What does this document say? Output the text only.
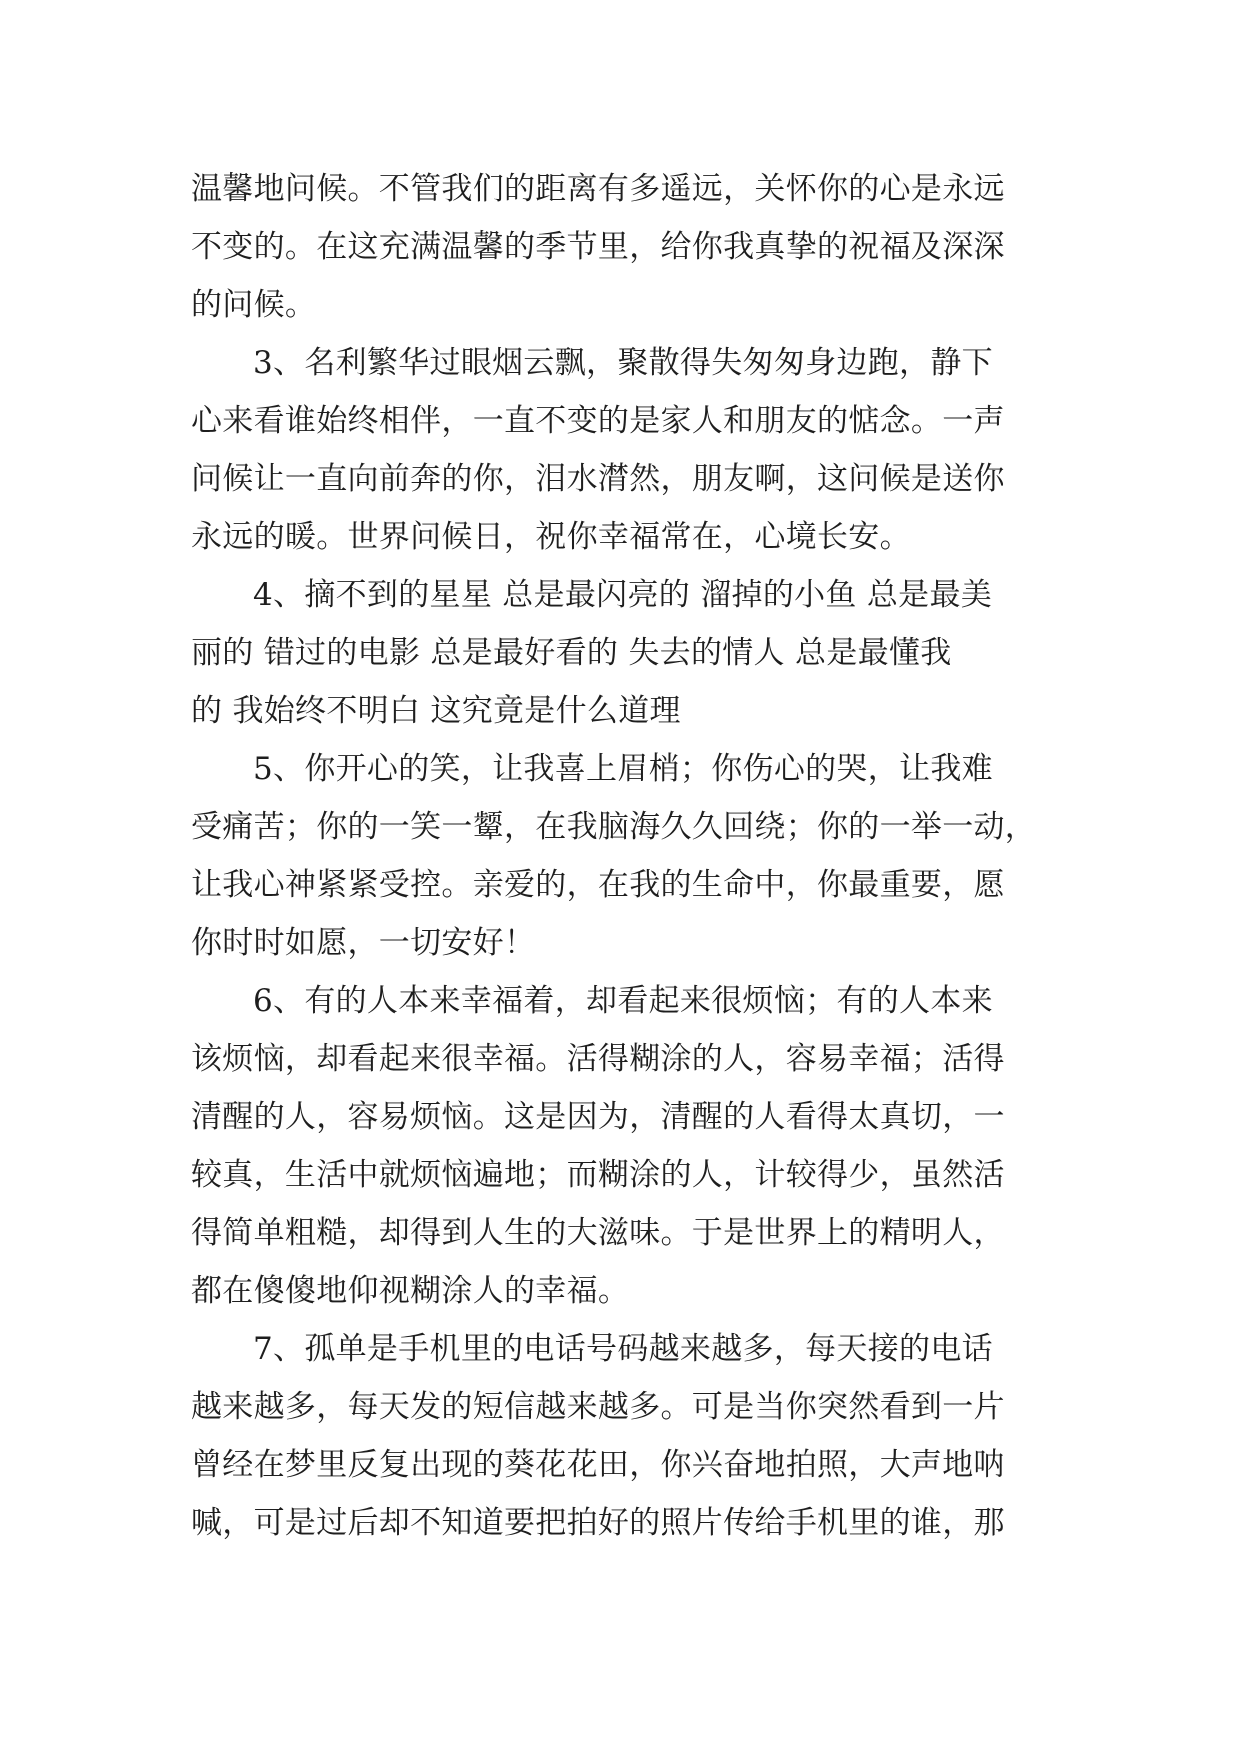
温馨地问候。不管我们的距离有多遥远，关怀你的心是永远
不变的。在这充满温馨的季节里，给你我真挚的祝福及深深
的问候。
3、名利繁华过眼烟云飘，聚散得失匆匆身边跑，静下
心来看谁始终相伴，一直不变的是家人和朋友的惦念。一声
问候让一直向前奔的你，泪水潸然，朋友啊，这问候是送你
永远的暖。世界问候日，祝你幸福常在，心境长安。
4、摘不到的星星 总是最闪亮的 溜掉的小鱼 总是最美
丽的 错过的电影 总是最好看的 失去的情人 总是最懂我
的 我始终不明白 这究竟是什么道理
5、你开心的笑，让我喜上眉梢；你伤心的哭，让我难
受痛苦；你的一笑一颦，在我脑海久久回绕；你的一举一动，
让我心神紧紧受控。亲爱的，在我的生命中，你最重要，愿
你时时如愿，一切安好！
6、有的人本来幸福着，却看起来很烦恼；有的人本来
该烦恼，却看起来很幸福。活得糊涂的人，容易幸福；活得
清醒的人，容易烦恼。这是因为，清醒的人看得太真切，一
较真，生活中就烦恼遍地；而糊涂的人，计较得少，虽然活
得简单粗糙，却得到人生的大滋味。于是世界上的精明人，
都在傻傻地仰视糊涂人的幸福。
7、孤单是手机里的电话号码越来越多，每天接的电话
越来越多，每天发的短信越来越多。可是当你突然看到一片
曾经在梦里反复出现的葵花花田，你兴奋地拍照，大声地呐
喊，可是过后却不知道要把拍好的照片传给手机里的谁，那
